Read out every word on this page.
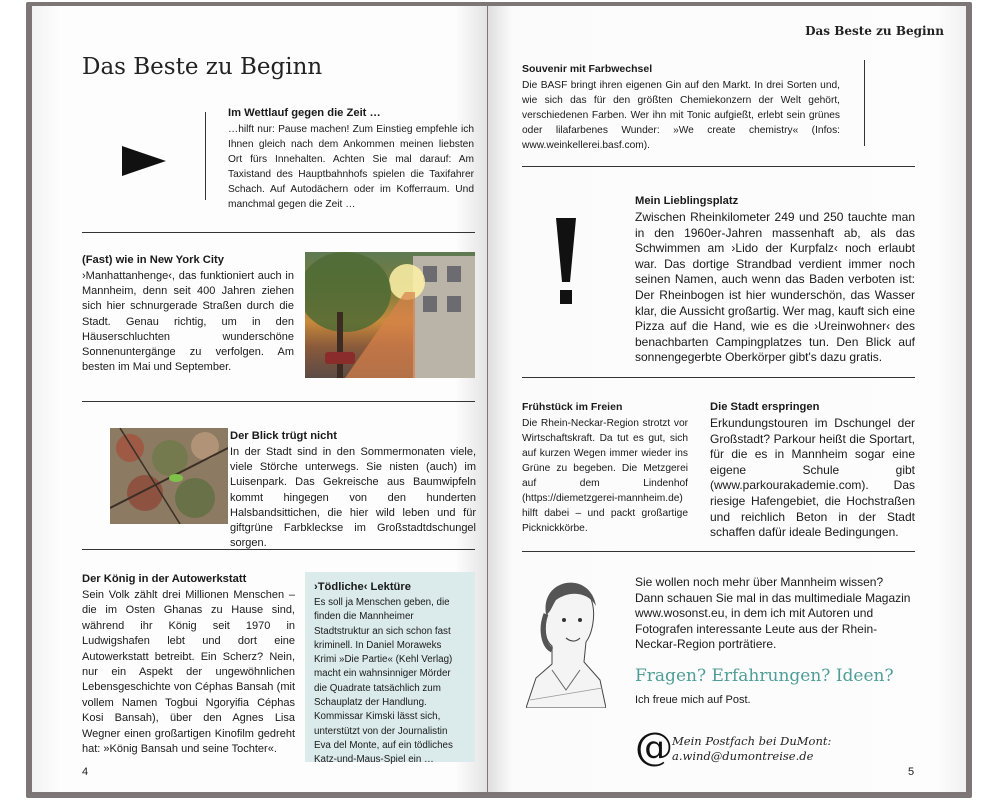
Das Beste zu Beginn

Im Wettlauf gegen die Zeit …

…hilft nur: Pause machen! Zum Einstieg empfehle ich Ihnen gleich nach dem Ankommen meinen liebsten Ort fürs Innehalten. Achten Sie mal darauf: Am Taxistand des Hauptbahnhofs spielen die Taxifahrer Schach. Auf Autodächern oder im Kofferraum. Und manchmal gegen die Zeit …

(Fast) wie in New York City

›Manhattanhenge‹, das funktioniert auch in Mannheim, denn seit 400 Jahren ziehen sich hier schnurgerade Straßen durch die Stadt. Genau richtig, um in den Häuserschluchten wunderschöne Sonnenuntergänge zu verfolgen. Am besten im Mai und September.

Der Blick trügt nicht

In der Stadt sind in den Sommermonaten viele, viele Störche unterwegs. Sie nisten (auch) im Luisenpark. Das Gekreische aus Baumwipfeln kommt hingegen von den hunderten Halsbandsittichen, die hier wild leben und für giftgrüne Farbkleckse im Großstadtdschungel sorgen.

Der König in der Autowerkstatt

Sein Volk zählt drei Millionen Menschen – die im Osten Ghanas zu Hause sind, während ihr König seit 1970 in Ludwigshafen lebt und dort eine Autowerkstatt betreibt. Ein Scherz? Nein, nur ein Aspekt der ungewöhnlichen Lebensgeschichte von Céphas Bansah (mit vollem Namen Togbui Ngoryifia Céphas Kosi Bansah), über den Agnes Lisa Wegner einen großartigen Kinofilm gedreht hat: »König Bansah und seine Tochter«.

›Tödliche‹ Lektüre

Es soll ja Menschen geben, die finden die Mannheimer Stadtstruktur an sich schon fast kriminell. In Daniel Moraweks Krimi »Die Partie« (Kehl Verlag) macht ein wahnsinniger Mörder die Quadrate tatsächlich zum Schauplatz der Handlung. Kommissar Kimski lässt sich, unterstützt von der Journalistin Eva del Monte, auf ein tödliches Katz-und-Maus-Spiel ein …

4
Das Beste zu Beginn

Souvenir mit Farbwechsel

Die BASF bringt ihren eigenen Gin auf den Markt. In drei Sorten und, wie sich das für den größten Chemiekonzern der Welt gehört, verschiedenen Farben. Wer ihn mit Tonic aufgießt, erlebt sein grünes oder lilafarbenes Wunder: »We create chemistry« (Infos: www.weinkellerei.basf.com).

Mein Lieblingsplatz

Zwischen Rheinkilometer 249 und 250 tauchte man in den 1960er-Jahren massenhaft ab, als das Schwimmen am ›Lido der Kurpfalz‹ noch erlaubt war. Das dortige Strandbad verdient immer noch seinen Namen, auch wenn das Baden verboten ist: Der Rheinbogen ist hier wunderschön, das Wasser klar, die Aussicht großartig. Wer mag, kauft sich eine Pizza auf die Hand, wie es die ›Ureinwohner‹ des benachbarten Campingplatzes tun. Den Blick auf sonnengegerbte Oberkörper gibt's dazu gratis.

Frühstück im Freien

Die Rhein-Neckar-Region strotzt vor Wirtschaftskraft. Da tut es gut, sich auf kurzen Wegen immer wieder ins Grüne zu begeben. Die Metzgerei auf dem Lindenhof (https://diemetzgerei-mannheim.de) hilft dabei – und packt großartige Picknickkörbe.

Die Stadt erspringen

Erkundungstouren im Dschungel der Großstadt? Parkour heißt die Sportart, für die es in Mannheim sogar eine eigene Schule gibt (www.parkourakademie.com). Das riesige Hafengebiet, die Hochstraßen und reichlich Beton in der Stadt schaffen dafür ideale Bedingungen.

Sie wollen noch mehr über Mannheim wissen? Dann schauen Sie mal in das multimediale Magazin www.wosonst.eu, in dem ich mit Autoren und Fotografen interessante Leute aus der Rhein-Neckar-Region porträtiere.

Fragen? Erfahrungen? Ideen?
Ich freue mich auf Post.
@ Mein Postfach bei DuMont:
a.wind@dumontreise.de
5
